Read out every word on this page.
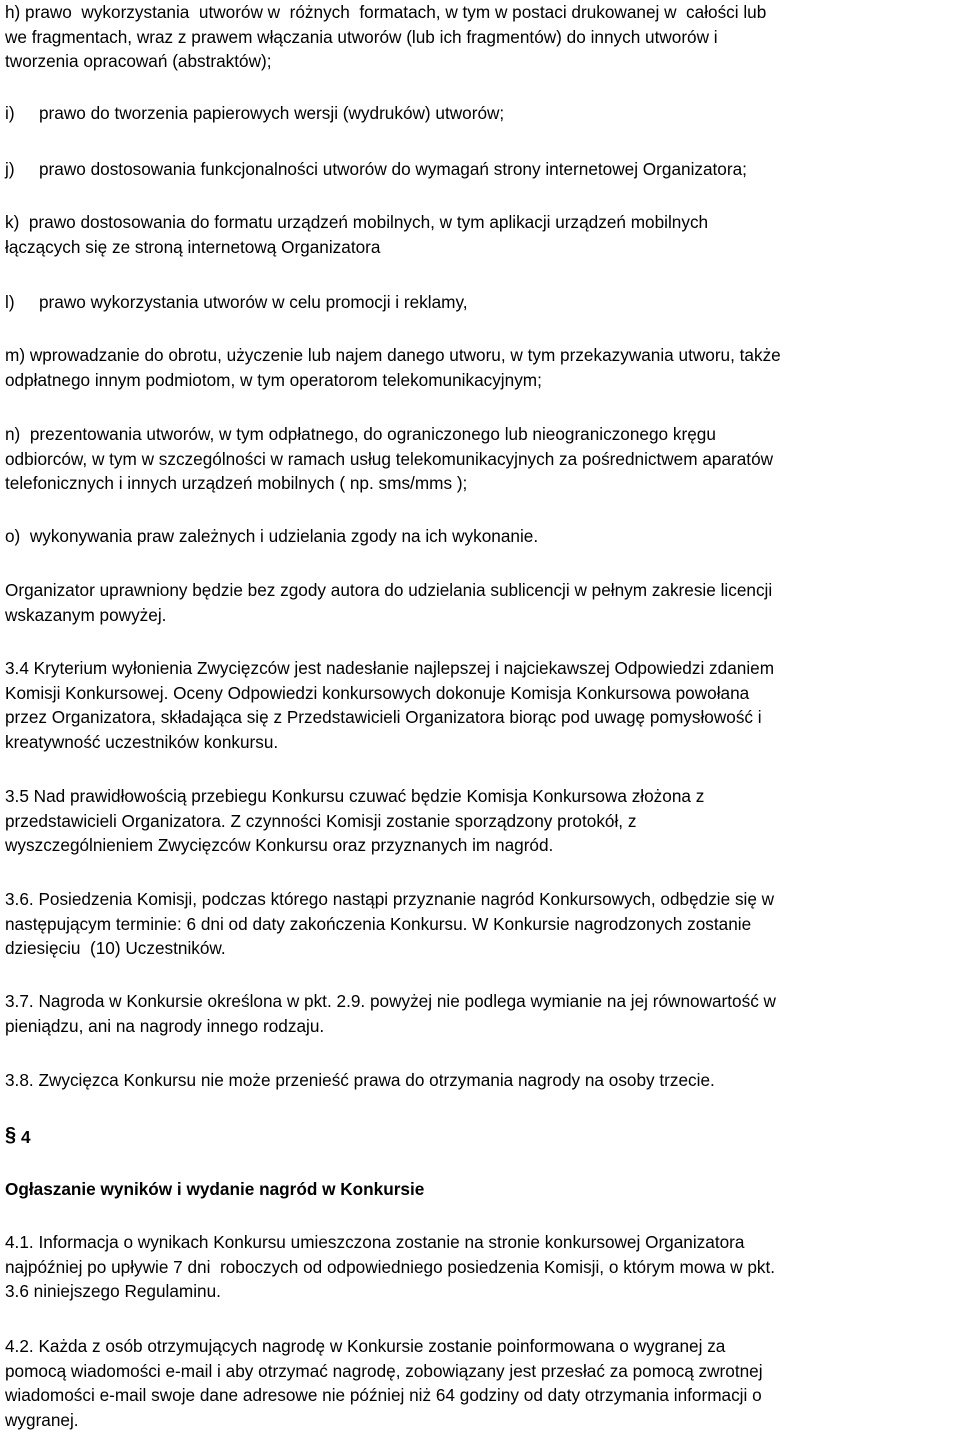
h) prawo  wykorzystania  utworów w  różnych  formatach, w tym w postaci drukowanej w  całości lub
we fragmentach, wraz z prawem włączania utworów (lub ich fragmentów) do innych utworów i
tworzenia opracowań (abstraktów);
i)	prawo do tworzenia papierowych wersji (wydruków) utworów;
j)	prawo dostosowania funkcjonalności utworów do wymagań strony internetowej Organizatora;
k)  prawo dostosowania do formatu urządzeń mobilnych, w tym aplikacji urządzeń mobilnych
łączących się ze stroną internetową Organizatora
l)	prawo wykorzystania utworów w celu promocji i reklamy,
m) wprowadzanie do obrotu, użyczenie lub najem danego utworu, w tym przekazywania utworu, także
odpłatnego innym podmiotom, w tym operatorom telekomunikacyjnym;
n)  prezentowania utworów, w tym odpłatnego, do ograniczonego lub nieograniczonego kręgu
odbiorców, w tym w szczególności w ramach usług telekomunikacyjnych za pośrednictwem aparatów
telefonicznych i innych urządzeń mobilnych ( np. sms/mms );
o)  wykonywania praw zależnych i udzielania zgody na ich wykonanie.
Organizator uprawniony będzie bez zgody autora do udzielania sublicencji w pełnym zakresie licencji
wskazanym powyżej.
3.4 Kryterium wyłonienia Zwycięzców jest nadesłanie najlepszej i najciekawszej Odpowiedzi zdaniem
Komisji Konkursowej. Oceny Odpowiedzi konkursowych dokonuje Komisja Konkursowa powołana
przez Organizatora, składająca się z Przedstawicieli Organizatora biorąc pod uwagę pomysłowość i
kreatywność uczestników konkursu.
3.5 Nad prawidłowością przebiegu Konkursu czuwać będzie Komisja Konkursowa złożona z
przedstawicieli Organizatora. Z czynności Komisji zostanie sporządzony protokół, z
wyszczególnieniem Zwycięzców Konkursu oraz przyznanych im nagród.
3.6. Posiedzenia Komisji, podczas którego nastąpi przyznanie nagród Konkursowych, odbędzie się w
następującym terminie: 6 dni od daty zakończenia Konkursu. W Konkursie nagrodzonych zostanie
dziesięciu  (10) Uczestników.
3.7. Nagroda w Konkursie określona w pkt. 2.9. powyżej nie podlega wymianie na jej równowartość w
pieniądzu, ani na nagrody innego rodzaju.
3.8. Zwycięzca Konkursu nie może przenieść prawa do otrzymania nagrody na osoby trzecie.
§ 4
Ogłaszanie wyników i wydanie nagród w Konkursie
4.1. Informacja o wynikach Konkursu umieszczona zostanie na stronie konkursowej Organizatora
najpóźniej po upływie 7 dni  roboczych od odpowiedniego posiedzenia Komisji, o którym mowa w pkt.
3.6 niniejszego Regulaminu.
4.2. Każda z osób otrzymujących nagrodę w Konkursie zostanie poinformowana o wygranej za
pomocą wiadomości e-mail i aby otrzymać nagrodę, zobowiązany jest przesłać za pomocą zwrotnej
wiadomości e-mail swoje dane adresowe nie później niż 64 godziny od daty otrzymania informacji o
wygranej.
